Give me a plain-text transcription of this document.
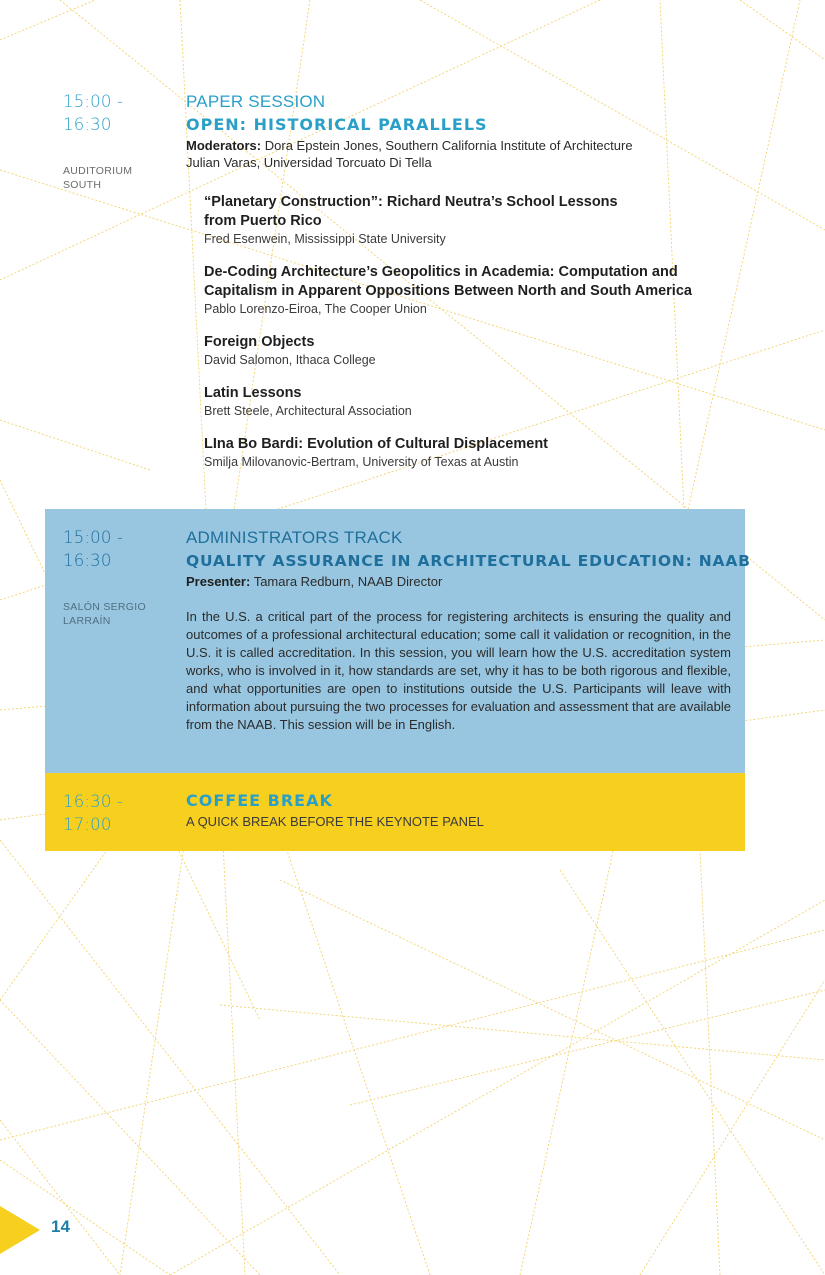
15:00 -
16:30
AUDITORIUM
SOUTH
PAPER SESSION
OPEN: HISTORICAL PARALLELS
Moderators: Dora Epstein Jones, Southern California Institute of Architecture
Julian Varas, Universidad Torcuato Di Tella
“Planetary Construction”: Richard Neutra’s School Lessons from Puerto Rico
Fred Esenwein, Mississippi State University
De-Coding Architecture’s Geopolitics in Academia: Computation and Capitalism in Apparent Oppositions Between North and South America
Pablo Lorenzo-Eiroa, The Cooper Union
Foreign Objects
David Salomon, Ithaca College
Latin Lessons
Brett Steele, Architectural Association
LIna Bo Bardi: Evolution of Cultural Displacement
Smilja Milovanovic-Bertram, University of Texas at Austin
15:00 -
16:30
SALÓN SERGIO
LARRAÍN
ADMINISTRATORS TRACK
QUALITY ASSURANCE IN ARCHITECTURAL EDUCATION: NAAB
Presenter: Tamara Redburn, NAAB Director
In the U.S. a critical part of the process for registering architects is ensuring the quality and outcomes of a professional architectural education; some call it validation or recognition, in the U.S. it is called accreditation. In this session, you will learn how the U.S. accreditation system works, who is involved in it, how standards are set, why it has to be both rigorous and flexible, and what opportunities are open to institutions outside the U.S. Participants will leave with information about pursuing the two processes for evaluation and assessment that are available from the NAAB. This session will be in English.
16:30 -
17:00
COFFEE BREAK
A QUICK BREAK BEFORE THE KEYNOTE PANEL
14
